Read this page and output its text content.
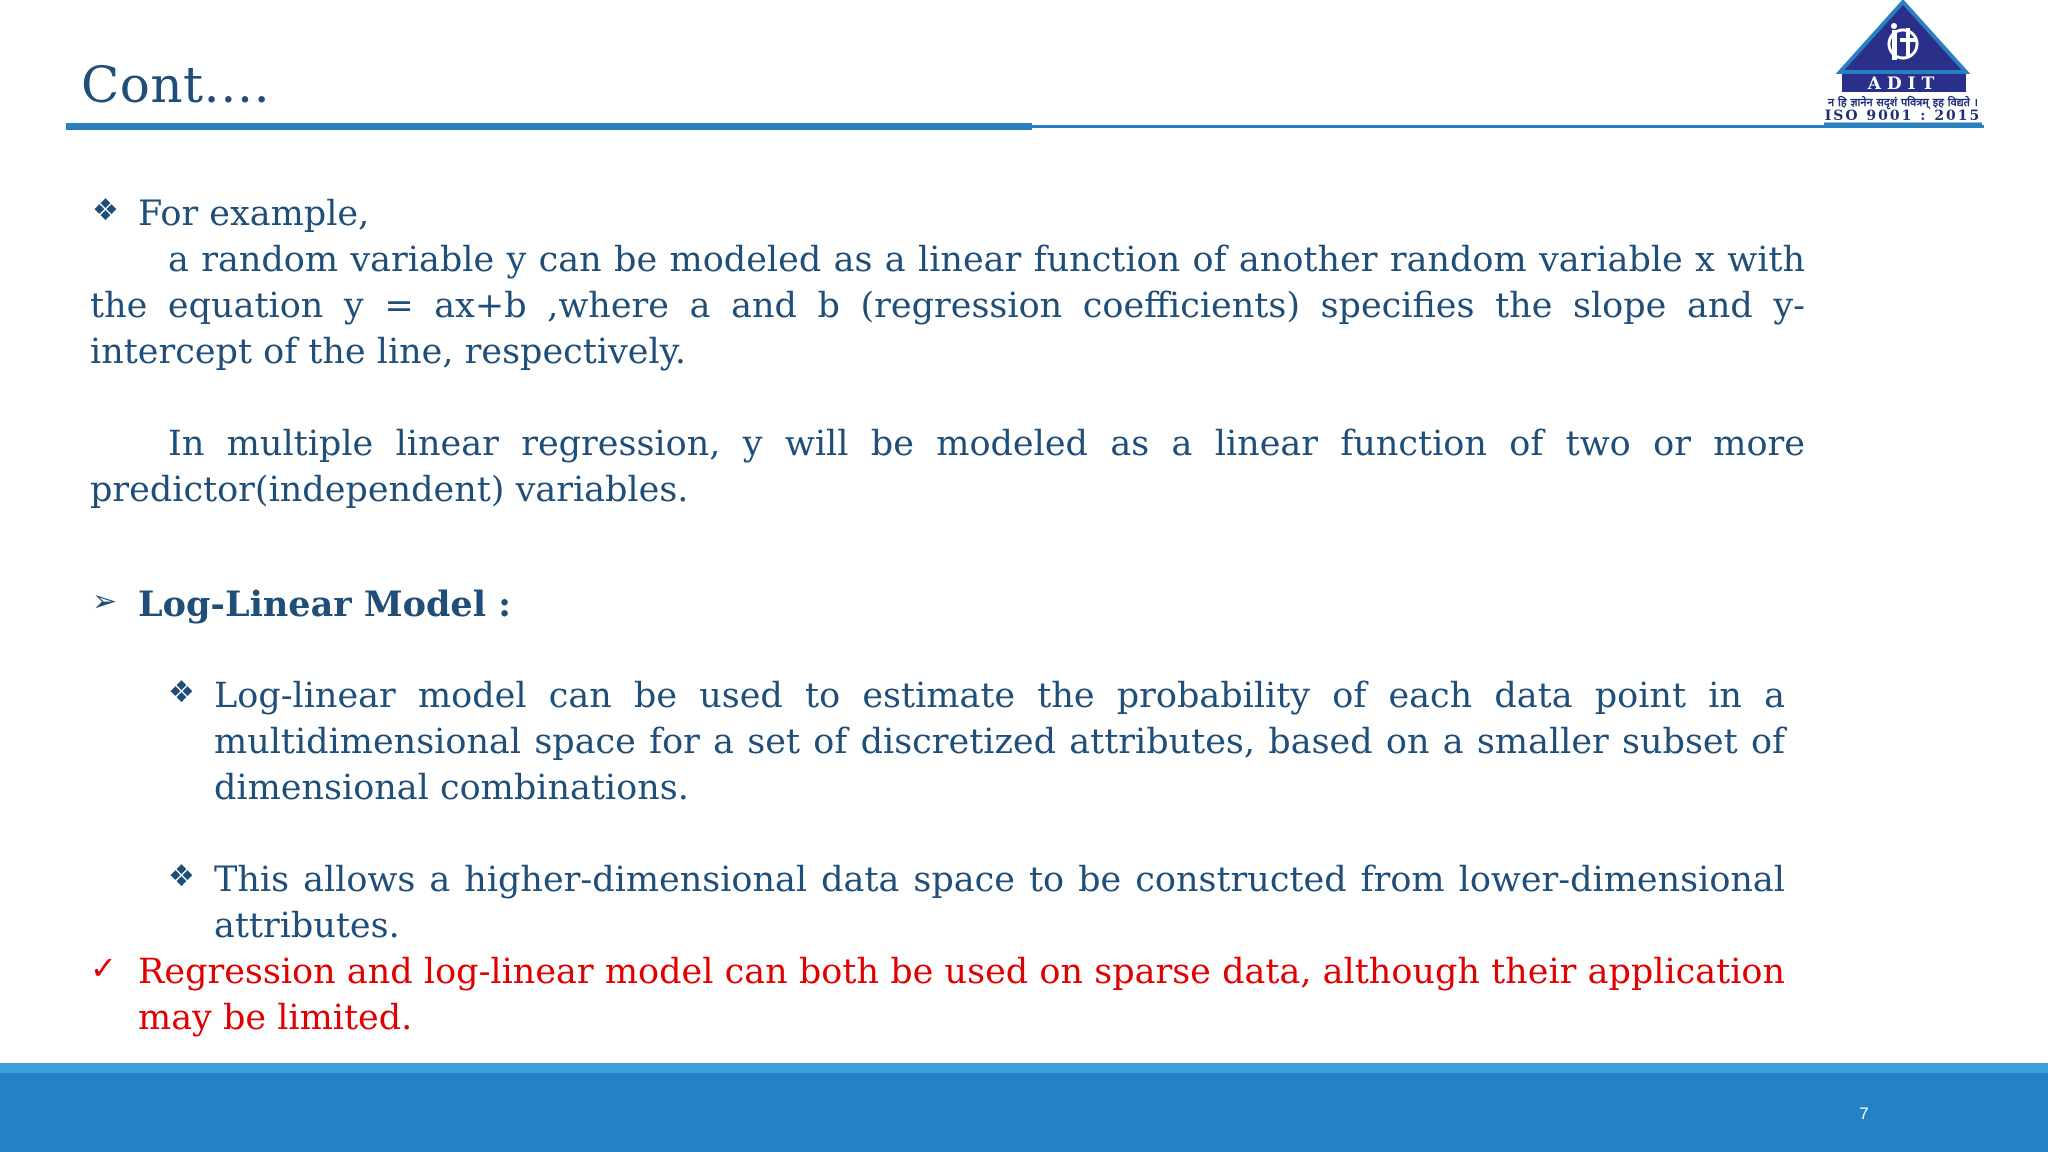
Cont.…	ADIT
न हि ज्ञानेन सदृशं पवित्रम् इह विद्यते ।
ISO 9001 : 2015
❖ For example,
a random variable y can be modeled as a linear function of another random variable x with the equation y = ax+b ,where a and b (regression coefficients) specifies the slope and y-intercept of the line, respectively.
In multiple linear regression, y will be modeled as a linear function of two or more predictor(independent) variables.
➢ Log-Linear Model :
❖ Log-linear model can be used to estimate the probability of each data point in a multidimensional space for a set of discretized attributes, based on a smaller subset of dimensional combinations.
❖ This allows a higher-dimensional data space to be constructed from lower-dimensional attributes.
✓ Regression and log-linear model can both be used on sparse data, although their application may be limited.
7
